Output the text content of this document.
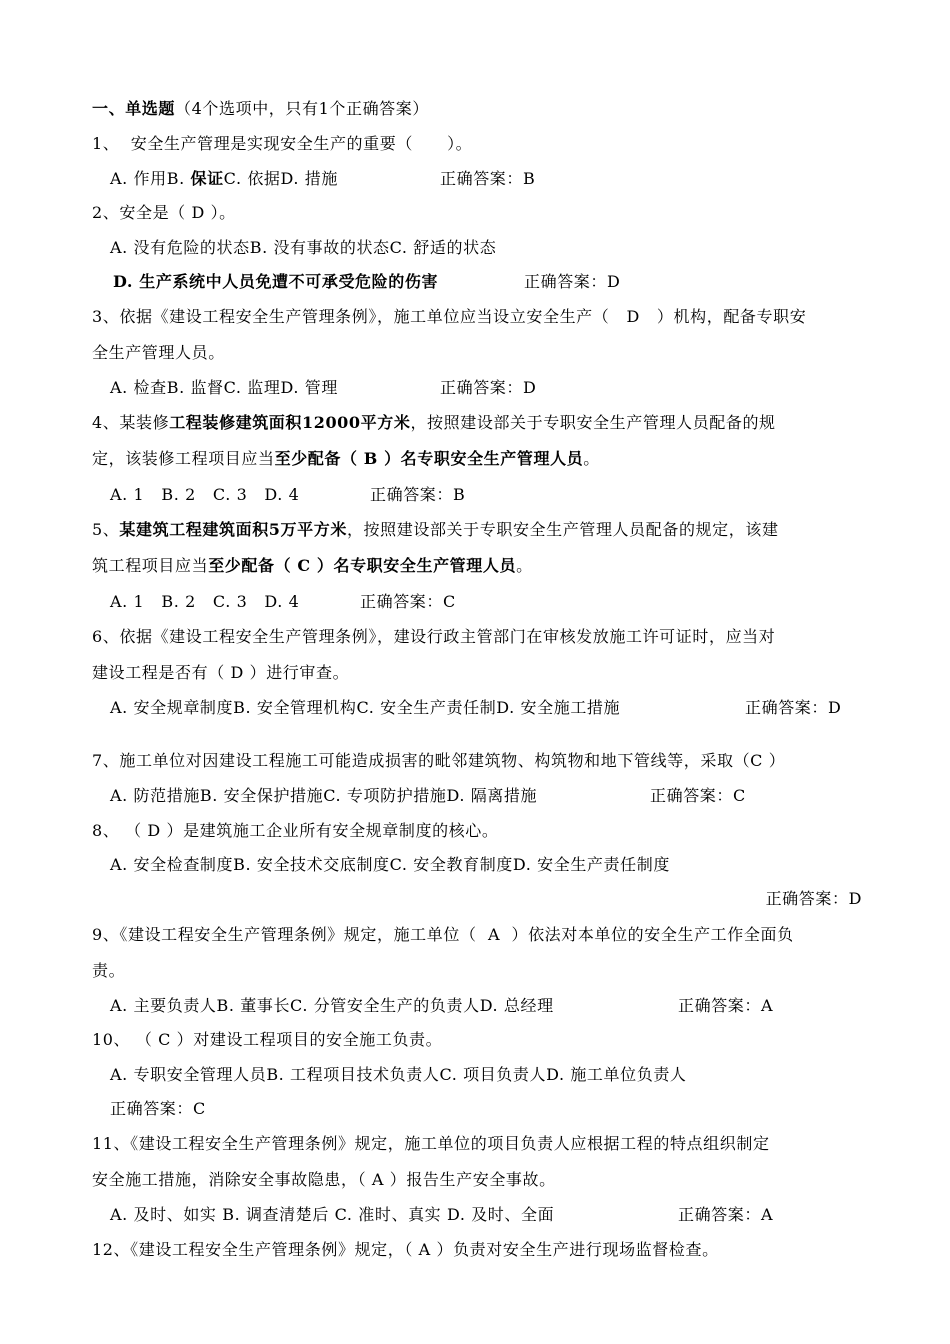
一、单选题（4个选项中，只有1个正确答案）
1、  安全生产管理是实现安全生产的重要（      ）。
A. 作用B. 保证C. 依据D. 措施	正确答案：B
2、安全是（ D ）。
A. 没有危险的状态B. 没有事故的状态C. 舒适的状态
D. 生产系统中人员免遭不可承受危险的伤害	正确答案：D
3、依据《建设工程安全生产管理条例》，施工单位应当设立安全生产（   D   ）机构，配备专职安
全生产管理人员。
A. 检查B. 监督C. 监理D. 管理	正确答案：D
4、某装修工程装修建筑面积12000平方米，按照建设部关于专职安全生产管理人员配备的规
定，该装修工程项目应当至少配备（ B ）名专职安全生产管理人员。
A. 1   B. 2   C. 3   D. 4	正确答案：B
5、某建筑工程建筑面积5万平方米，按照建设部关于专职安全生产管理人员配备的规定，该建
筑工程项目应当至少配备（ C ）名专职安全生产管理人员。
A. 1   B. 2   C. 3   D. 4	正确答案：C
6、依据《建设工程安全生产管理条例》，建设行政主管部门在审核发放施工许可证时，应当对
建设工程是否有（ D ）进行审查。
A. 安全规章制度B. 安全管理机构C. 安全生产责任制D. 安全施工措施	正确答案：D
7、施工单位对因建设工程施工可能造成损害的毗邻建筑物、构筑物和地下管线等，采取（C ）
A. 防范措施B. 安全保护措施C. 专项防护措施D. 隔离措施	正确答案：C
8、 （ D ）是建筑施工企业所有安全规章制度的核心。
A. 安全检查制度B. 安全技术交底制度C. 安全教育制度D. 安全生产责任制度
正确答案：D
9、《建设工程安全生产管理条例》规定，施工单位（  A  ）依法对本单位的安全生产工作全面负
责。
A. 主要负责人B. 董事长C. 分管安全生产的负责人D. 总经理	正确答案：A
10、 （ C ）对建设工程项目的安全施工负责。
A. 专职安全管理人员B. 工程项目技术负责人C. 项目负责人D. 施工单位负责人
正确答案：C
11、《建设工程安全生产管理条例》规定，施工单位的项目负责人应根据工程的特点组织制定
安全施工措施，消除安全事故隐患，（ A ）报告生产安全事故。
A. 及时、如实 B. 调查清楚后 C. 准时、真实 D. 及时、全面	正确答案：A
12、《建设工程安全生产管理条例》规定，（ A ）负责对安全生产进行现场监督检查。
